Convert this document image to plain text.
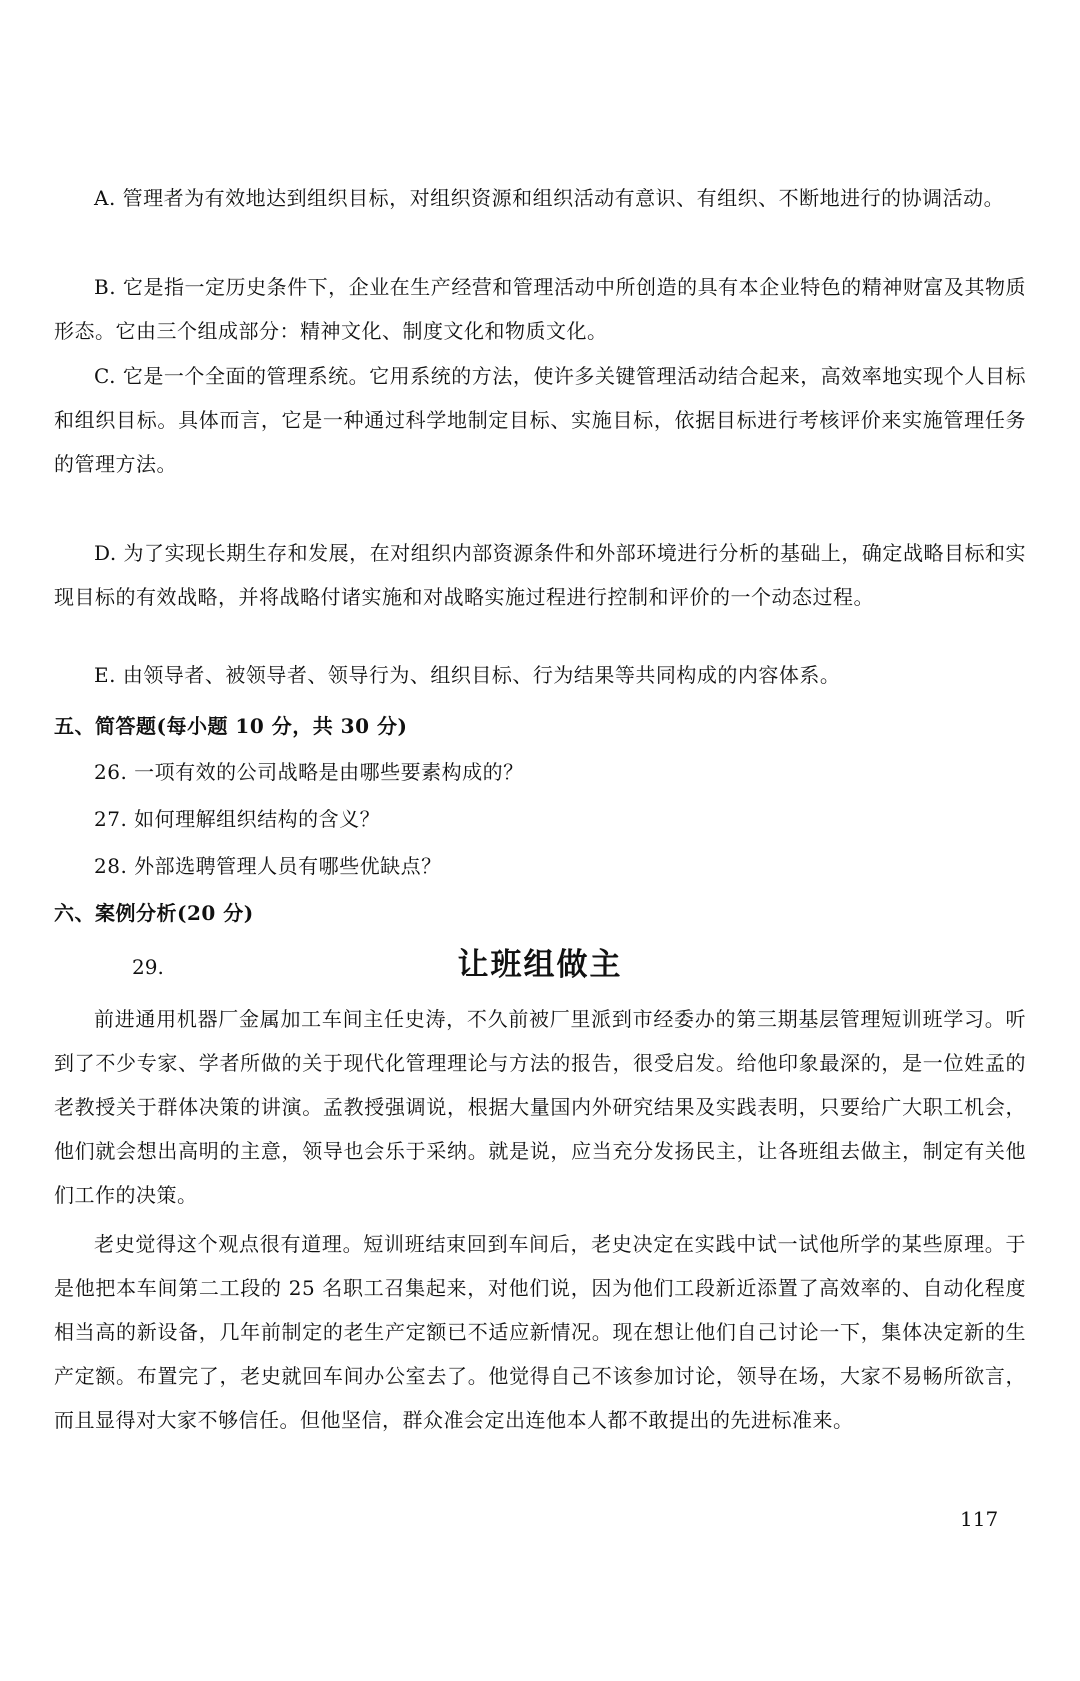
A. 管理者为有效地达到组织目标，对组织资源和组织活动有意识、有组织、不断地进行的协调活动。

B. 它是指一定历史条件下，企业在生产经营和管理活动中所创造的具有本企业特色的精神财富及其物质形态。它由三个组成部分：精神文化、制度文化和物质文化。

C. 它是一个全面的管理系统。它用系统的方法，使许多关键管理活动结合起来，高效率地实现个人目标和组织目标。具体而言，它是一种通过科学地制定目标、实施目标，依据目标进行考核评价来实施管理任务的管理方法。

D. 为了实现长期生存和发展，在对组织内部资源条件和外部环境进行分析的基础上，确定战略目标和实现目标的有效战略，并将战略付诸实施和对战略实施过程进行控制和评价的一个动态过程。

E. 由领导者、被领导者、领导行为、组织目标、行为结果等共同构成的内容体系。

五、简答题(每小题 10 分，共 30 分)

26. 一项有效的公司战略是由哪些要素构成的？

27. 如何理解组织结构的含义？

28. 外部选聘管理人员有哪些优缺点？

六、案例分析(20 分)

29.	让班组做主

前进通用机器厂金属加工车间主任史涛，不久前被厂里派到市经委办的第三期基层管理短训班学习。听到了不少专家、学者所做的关于现代化管理理论与方法的报告，很受启发。给他印象最深的，是一位姓孟的老教授关于群体决策的讲演。孟教授强调说，根据大量国内外研究结果及实践表明，只要给广大职工机会，他们就会想出高明的主意，领导也会乐于采纳。就是说，应当充分发扬民主，让各班组去做主，制定有关他们工作的决策。

老史觉得这个观点很有道理。短训班结束回到车间后，老史决定在实践中试一试他所学的某些原理。于是他把本车间第二工段的 25 名职工召集起来，对他们说，因为他们工段新近添置了高效率的、自动化程度相当高的新设备，几年前制定的老生产定额已不适应新情况。现在想让他们自己讨论一下，集体决定新的生产定额。布置完了，老史就回车间办公室去了。他觉得自己不该参加讨论，领导在场，大家不易畅所欲言，而且显得对大家不够信任。但他坚信，群众准会定出连他本人都不敢提出的先进标准来。

117
